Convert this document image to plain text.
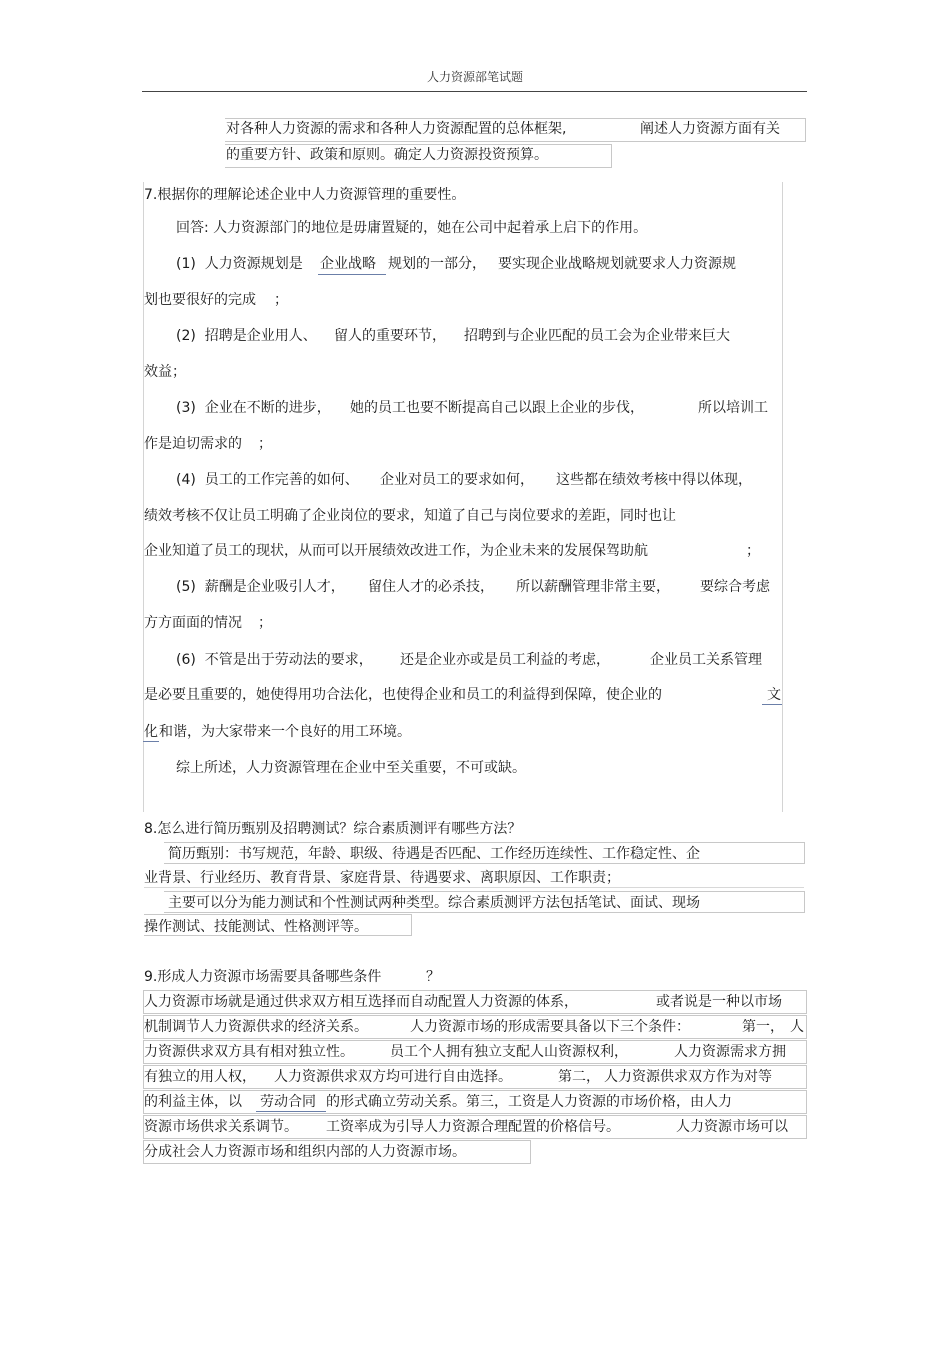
人力资源部笔试题
对各种人力资源的需求和各种人力资源配置的总体框架,	阐述人力资源方面有关
的重要方针、政策和原则。确定人力资源投资预算。
7.根据你的理解论述企业中人力资源管理的重要性。
回答: 人力资源部门的地位是毋庸置疑的，她在公司中起着承上启下的作用。
(1)  人力资源规划是 企业战略 规划的一部分， 要实现企业战略规划就要求人力资源规
划也要很好的完成 ；
(2)  招聘是企业用人、 留人的重要环节， 招聘到与企业匹配的员工会为企业带来巨大
效益；
(3)  企业在不断的进步， 她的员工也要不断提高自己以跟上企业的步伐，	所以培训工
作是迫切需求的 ；
(4)  员工的工作完善的如何、 企业对员工的要求如何， 这些都在绩效考核中得以体现，
绩效考核不仅让员工明确了企业岗位的要求，知道了自己与岗位要求的差距，同时也让
企业知道了员工的现状，从而可以开展绩效改进工作，为企业未来的发展保驾助航	；
(5)  薪酬是企业吸引人才， 留住人才的必杀技， 所以薪酬管理非常主要， 要综合考虑
方方面面的情况 ；
(6)  不管是出于劳动法的要求， 还是企业亦或是员工利益的考虑，	企业员工关系管理
是必要且重要的，她使得用功合法化，也使得企业和员工的利益得到保障，使企业的	文
化 和谐，为大家带来一个良好的用工环境。
综上所述，人力资源管理在企业中至关重要，不可或缺。
8.怎么进行简历甄别及招聘测试？综合素质测评有哪些方法？
简历甄别：书写规范，年龄、职级、待遇是否匹配、工作经历连续性、工作稳定性、企
业背景、行业经历、教育背景、家庭背景、待遇要求、离职原因、工作职责；
主要可以分为能力测试和个性测试两种类型。综合素质测评方法包括笔试、面试、现场
操作测试、技能测试、性格测评等。
9.形成人力资源市场需要具备哪些条件	？
人力资源市场就是通过供求双方相互选择而自动配置人力资源的体系，	或者说是一种以市场
机制调节人力资源供求的经济关系。	人力资源市场的形成需要具备以下三个条件：	第一， 人
力资源供求双方具有相对独立性。	员工个人拥有独立支配人山资源权利，	人力资源需求方拥
有独立的用人权， 人力资源供求双方均可进行自由选择。	第二， 人力资源供求双方作为对等
的利益主体，以 劳动合同 的形式确立劳动关系。第三，工资是人力资源的市场价格，由人力
资源市场供求关系调节。 工资率成为引导人力资源合理配置的价格信号。	人力资源市场可以
分成社会人力资源市场和组织内部的人力资源市场。
